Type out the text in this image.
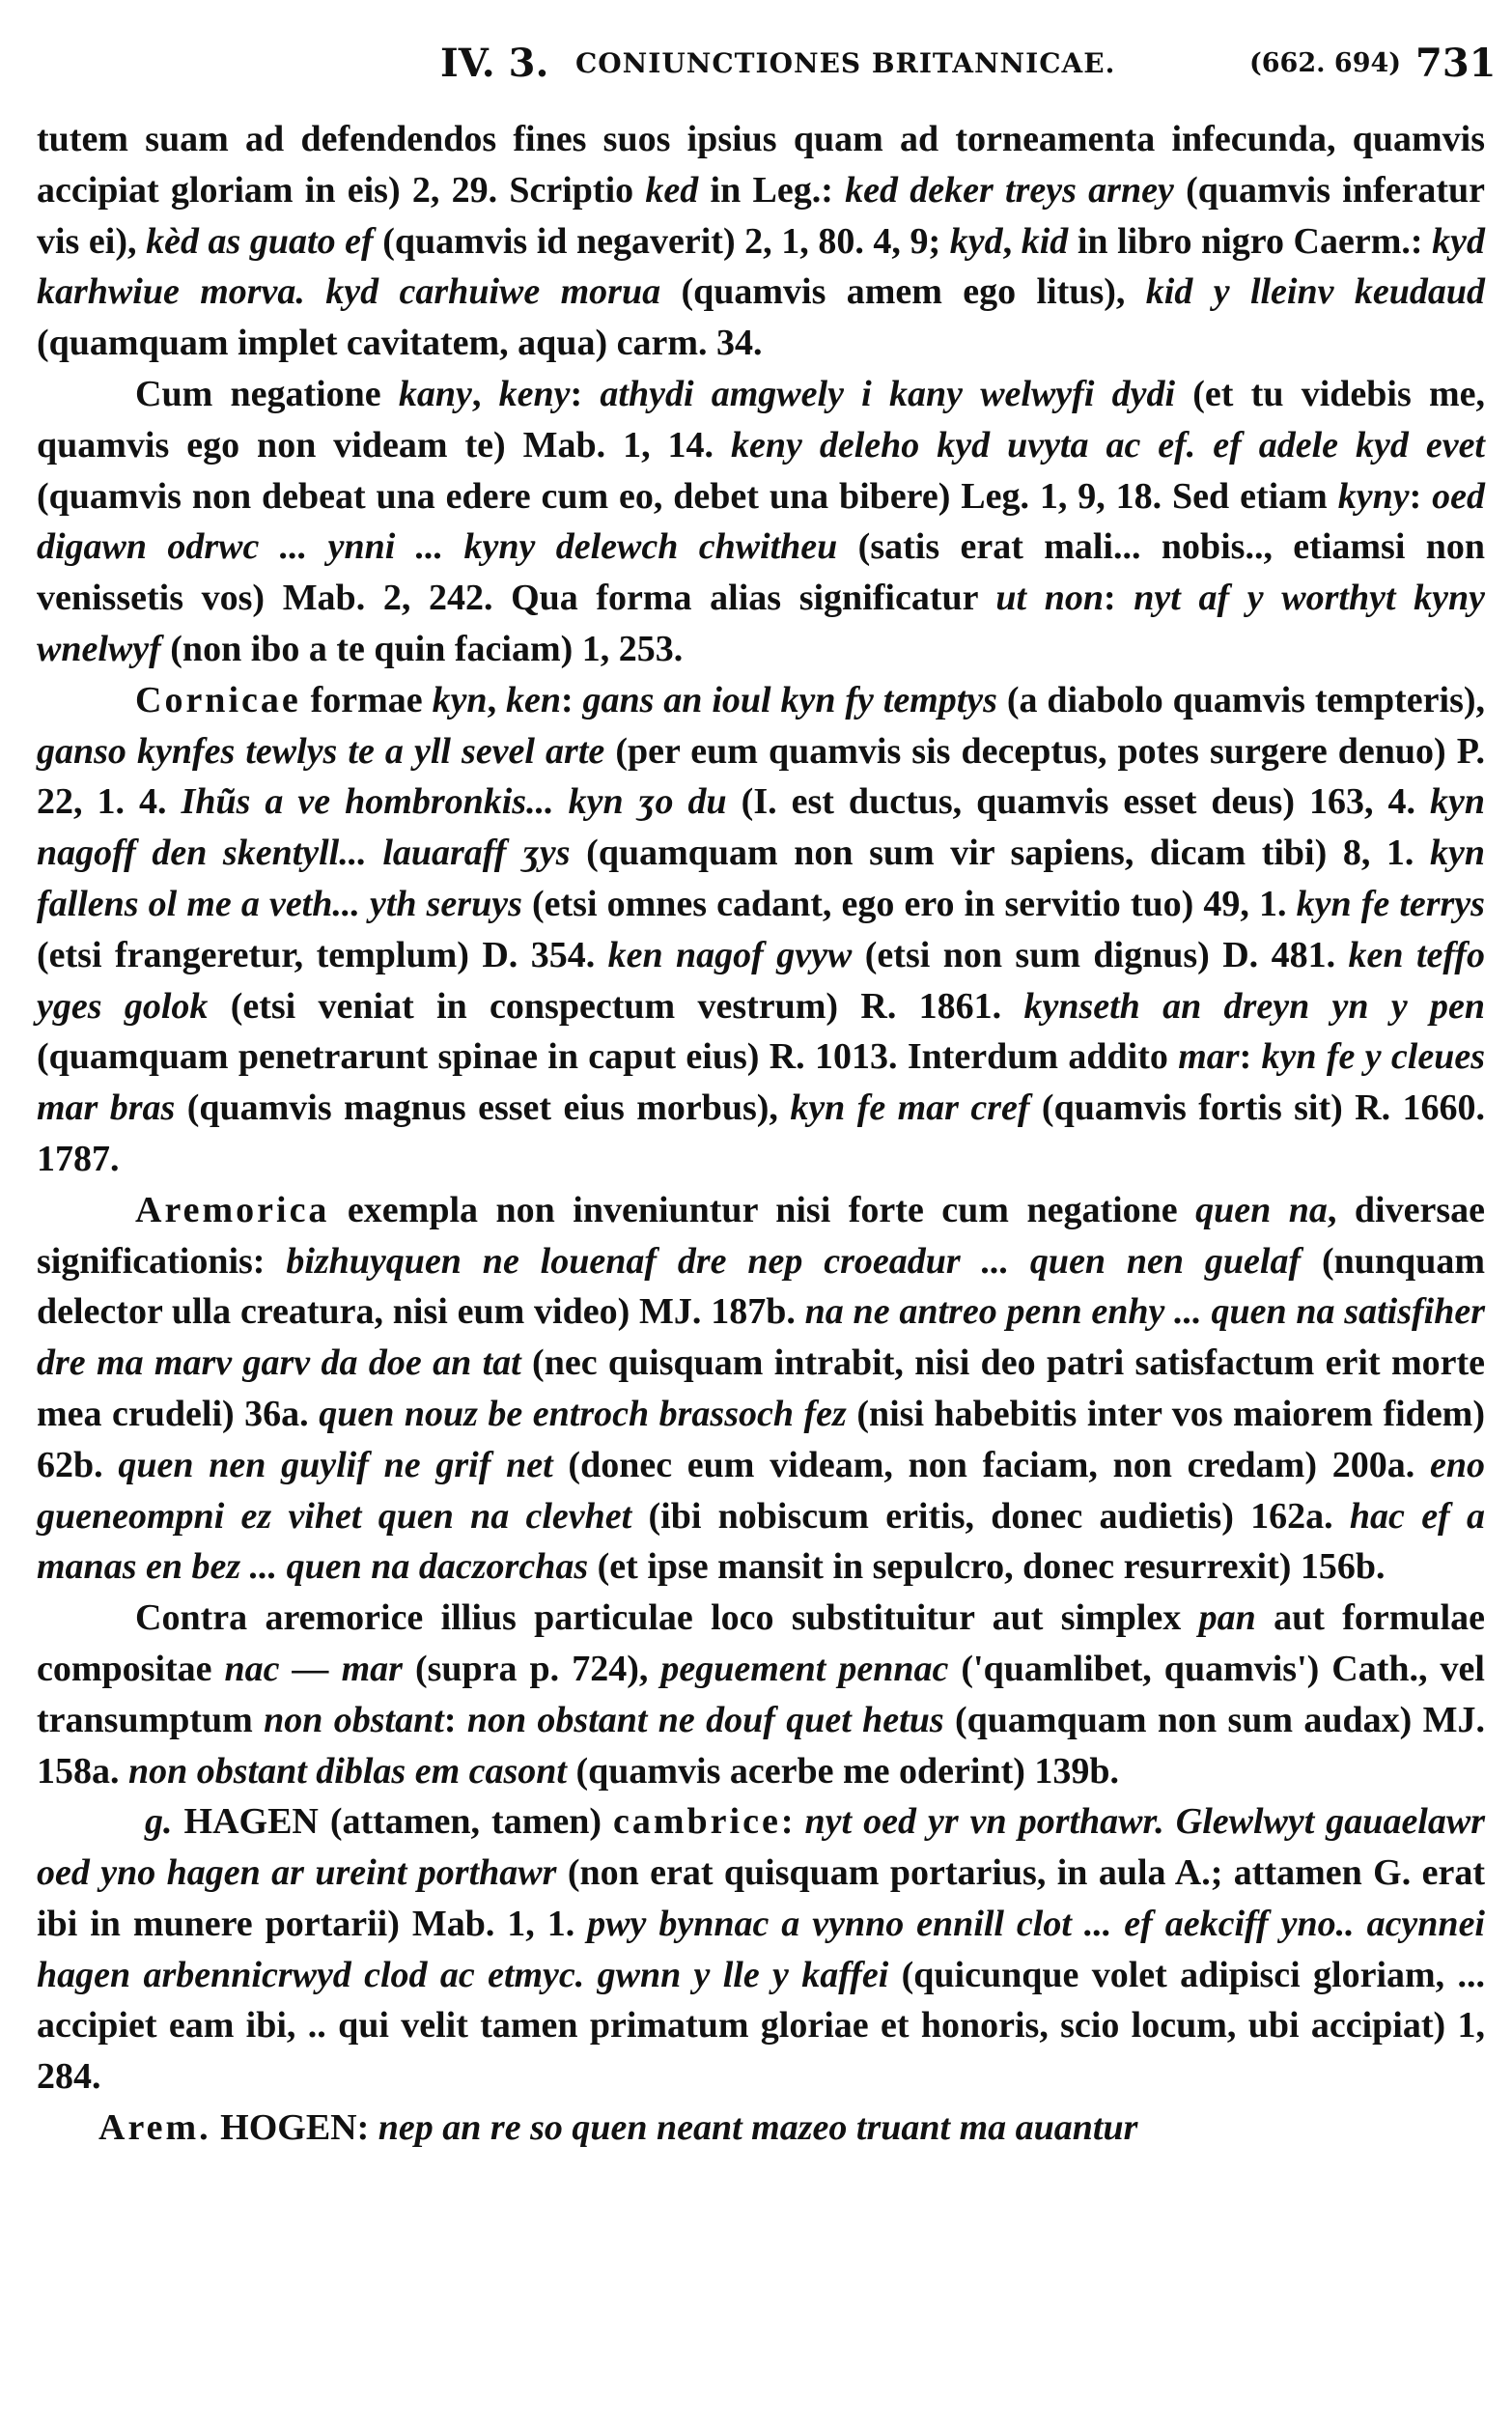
IV. 3. CONIUNCTIONES BRITANNICAE.	(662. 694) 731

tutem suam ad defendendos fines suos ipsius quam ad torneamenta infecunda, quamvis accipiat gloriam in eis) 2, 29. Scriptio ked in Leg.: ked deker treys arney (quamvis inferatur vis ei), kèd as guato ef (quamvis id negaverit) 2, 1, 80. 4, 9; kyd, kid in libro nigro Caerm.: kyd karhwiue morva. kyd carhuiwe morua (quamvis amem ego litus), kid y lleinv keudaud (quamquam implet cavitatem, aqua) carm. 34.

Cum negatione kany, keny: athydi amgwely i kany welwyfi dydi (et tu videbis me, quamvis ego non videam te) Mab. 1, 14. keny deleho kyd uvyta ac ef. ef adele kyd evet (quamvis non debeat una edere cum eo, debet una bibere) Leg. 1, 9, 18. Sed etiam kyny: oed digawn odrwc ... ynni ... kyny delewch chwitheu (satis erat mali... nobis.., etiamsi non venissetis vos) Mab. 2, 242. Qua forma alias significatur ut non: nyt af y worthyt kyny wnelwyf (non ibo a te quin faciam) 1, 253.

Cornicae formae kyn, ken: gans an ioul kyn fy temptys (a diabolo quamvis tempteris), ganso kynfes tewlys te a yll sevel arte (per eum quamvis sis deceptus, potes surgere denuo) P. 22, 1. 4. Ihũs a ve hombronkis... kyn ʒo du (I. est ductus, quamvis esset deus) 163, 4. kyn nagoff den skentyll... lauaraff ʒys (quamquam non sum vir sapiens, dicam tibi) 8, 1. kyn fallens ol me a veth... yth seruys (etsi omnes cadant, ego ero in servitio tuo) 49, 1. kyn fe terrys (etsi frangeretur, templum) D. 354. ken nagof gvyw (etsi non sum dignus) D. 481. ken teffo yges golok (etsi veniat in conspectum vestrum) R. 1861. kynseth an dreyn yn y pen (quamquam penetrarunt spinae in caput eius) R. 1013. Interdum addito mar: kyn fe y cleues mar bras (quamvis magnus esset eius morbus), kyn fe mar cref (quamvis fortis sit) R. 1660. 1787.

Aremorica exempla non inveniuntur nisi forte cum negatione quen na, diversae significationis: bizhuyquen ne louenaf dre nep croeadur ... quen nen guelaf (nunquam delector ulla creatura, nisi eum video) MJ. 187b. na ne antreo penn enhy ... quen na satisfiher dre ma marv garv da doe an tat (nec quisquam intrabit, nisi deo patri satisfactum erit morte mea crudeli) 36a. quen nouz be entroch brassoch fez (nisi habebitis inter vos maiorem fidem) 62b. quen nen guylif ne grif net (donec eum videam, non faciam, non credam) 200a. eno gueneompni ez vihet quen na clevhet (ibi nobiscum eritis, donec audietis) 162a. hac ef a manas en bez ... quen na daczorchas (et ipse mansit in sepulcro, donec resurrexit) 156b.

Contra aremorice illius particulae loco substituitur aut simplex pan aut formulae compositae nac — mar (supra p. 724), peguement pennac ('quamlibet, quamvis') Cath., vel transumptum non obstant: non obstant ne douf quet hetus (quamquam non sum audax) MJ. 158a. non obstant diblas em casont (quamvis acerbe me oderint) 139b.

g. HAGEN (attamen, tamen) cambrice: nyt oed yr vn porthawr. Glewlwyt gauaelawr oed yno hagen ar ureint porthawr (non erat quisquam portarius, in aula A.; attamen G. erat ibi in munere portarii) Mab. 1, 1. pwy bynnac a vynno ennill clot ... ef aekciff yno.. acynnei hagen arbennicrwyd clod ac etmyc. gwnn y lle y kaffei (quicunque volet adipisci gloriam, ... accipiet eam ibi, .. qui velit tamen primatum gloriae et honoris, scio locum, ubi accipiat) 1, 284.

Arem. HOGEN: nep an re so quen neant mazeo truant ma auantur
